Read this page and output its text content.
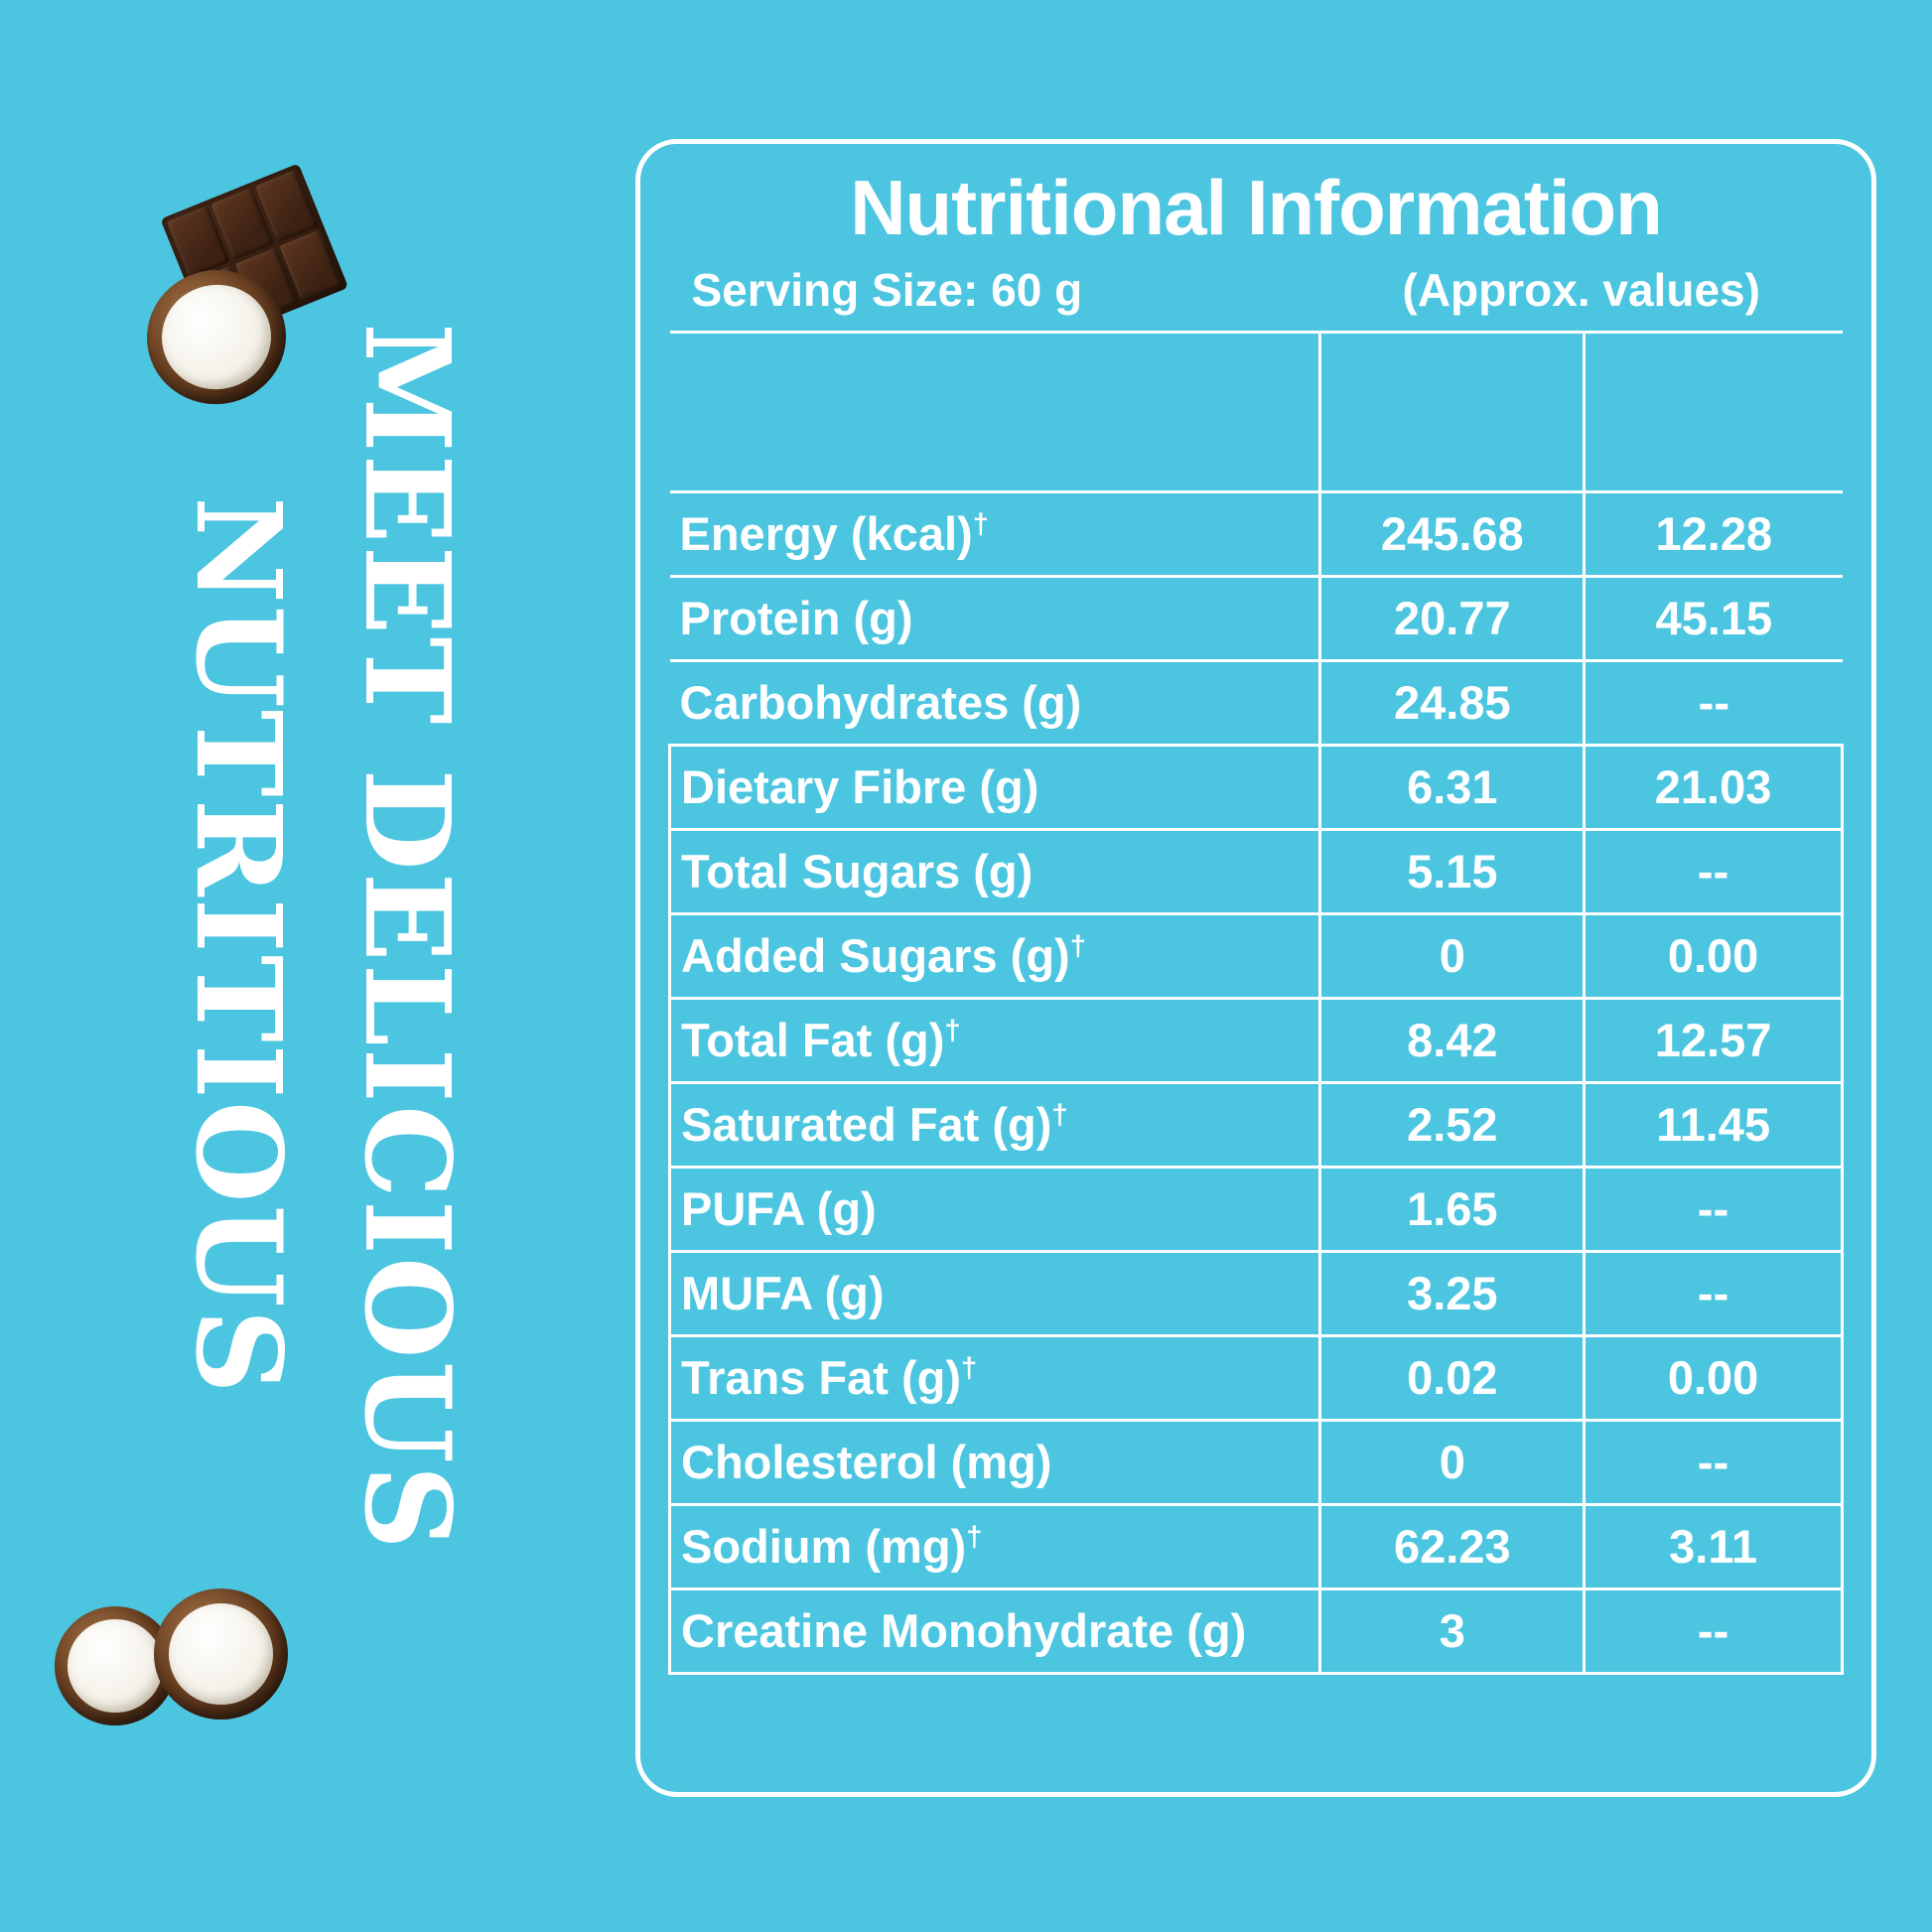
NUTRITIOUS MEET DELICIOUS
Nutritional Information
Serving Size: 60 g	(Approx. values)	

Energy (kcal)†	245.68	12.28
Protein (g)	20.77	45.15
Carbohydrates (g)	24.85	--
Dietary Fibre (g)	6.31	21.03
Total Sugars (g)	5.15	--
Added Sugars (g)†	0	0.00
Total Fat (g)†	8.42	12.57
Saturated Fat (g)†	2.52	11.45
PUFA (g)	1.65	--
MUFA (g)	3.25	--
Trans Fat (g)†	0.02	0.00
Cholesterol (mg)	0	--
Sodium (mg)†	62.23	3.11
Creatine Monohydrate (g)	3	--
